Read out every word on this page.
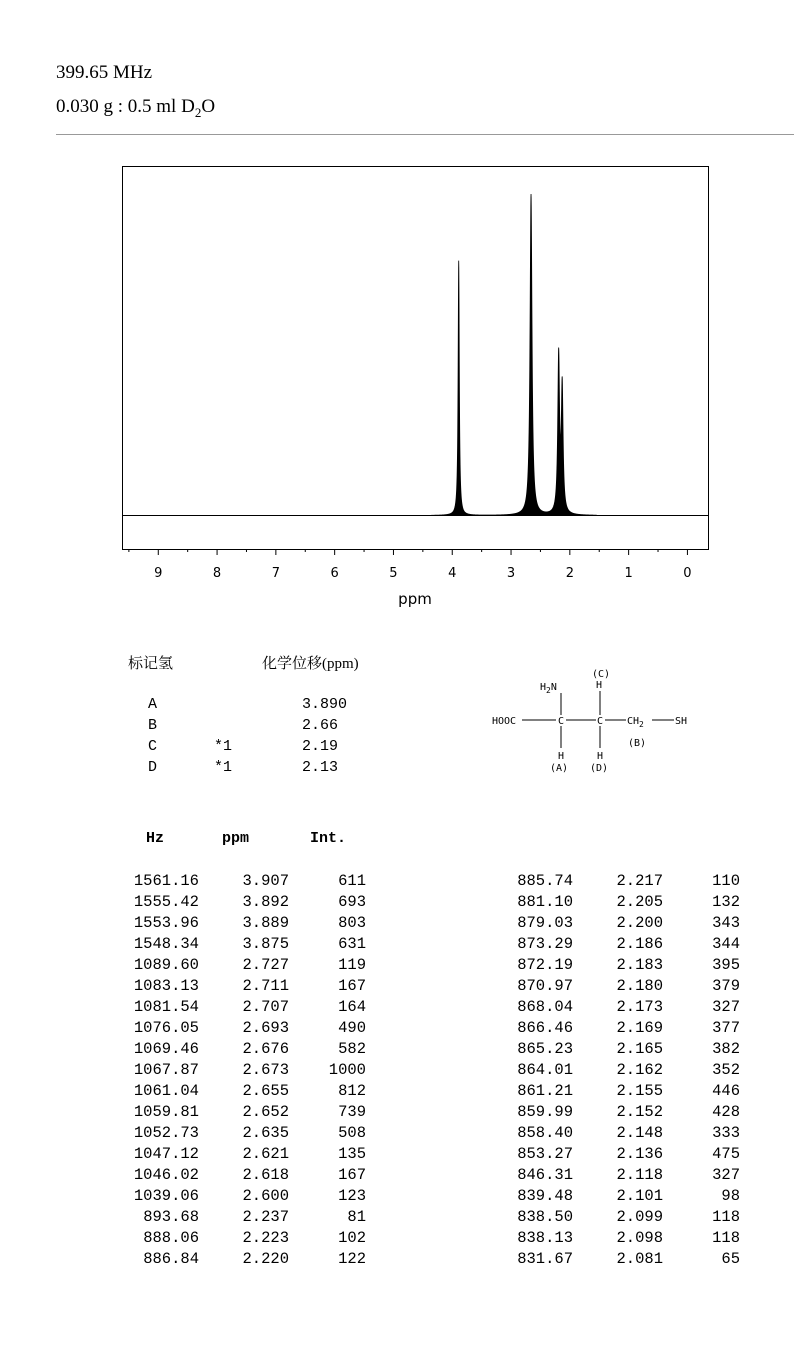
399.65 MHz
0.030 g : 0.5 ml $D_2O$
9	8	7	6	5	4	3	2	1	0
ppm
标记氢	化学位移(ppm)
A	3.890
B	2.66
C	*1	2.19
D	*1	2.13
(C)
H
$H_2N$
HOOC	C	C $CH_2$	SH
(B)
H	H
(A) (D)
Hz	ppm	Int.
1561.16	3.907	611
1555.42	3.892	693
1553.96	3.889	803
1548.34	3.875	631
1089.60	2.727	119
1083.13	2.711	167
1081.54	2.707	164
1076.05	2.693	490
1069.46	2.676	582
1067.87	2.673	1000
1061.04	2.655	812
1059.81	2.652	739
1052.73	2.635	508
1047.12	2.621	135
1046.02	2.618	167
1039.06	2.600	123
893.68	2.237	81
888.06	2.223	102
886.84	2.220	122
885.74	2.217	110
881.10	2.205	132
879.03	2.200	343
873.29	2.186	344
872.19	2.183	395
870.97	2.180	379
868.04	2.173	327
866.46	2.169	377
865.23	2.165	382
864.01	2.162	352
861.21	2.155	446
859.99	2.152	428
858.40	2.148	333
853.27	2.136	475
846.31	2.118	327
839.48	2.101	98
838.50	2.099	118
838.13	2.098	118
831.67	2.081	65
